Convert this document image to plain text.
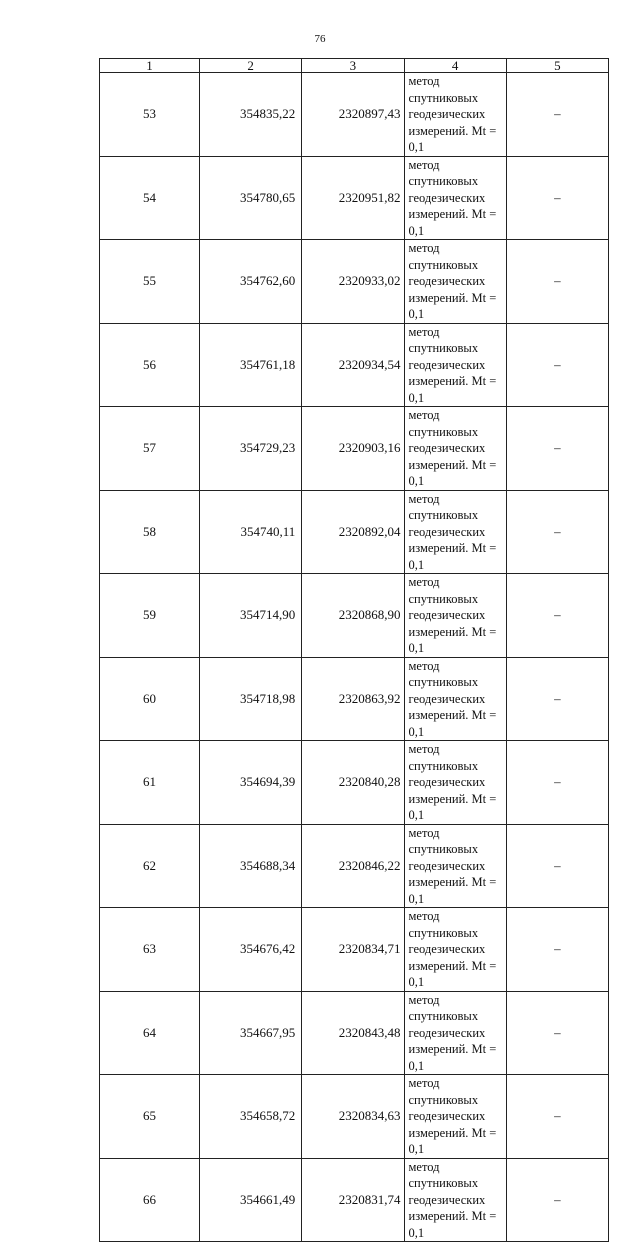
76
1	2	3	4	5
53	354835,22	2320897,43	метод спутниковых
геодезических
измерений. Mt = 0,1	–
54	354780,65	2320951,82	метод спутниковых
геодезических
измерений. Mt = 0,1	–
55	354762,60	2320933,02	метод спутниковых
геодезических
измерений. Mt = 0,1	–
56	354761,18	2320934,54	метод спутниковых
геодезических
измерений. Mt = 0,1	–
57	354729,23	2320903,16	метод спутниковых
геодезических
измерений. Mt = 0,1	–
58	354740,11	2320892,04	метод спутниковых
геодезических
измерений. Mt = 0,1	–
59	354714,90	2320868,90	метод спутниковых
геодезических
измерений. Mt = 0,1	–
60	354718,98	2320863,92	метод спутниковых
геодезических
измерений. Mt = 0,1	–
61	354694,39	2320840,28	метод спутниковых
геодезических
измерений. Mt = 0,1	–
62	354688,34	2320846,22	метод спутниковых
геодезических
измерений. Mt = 0,1	–
63	354676,42	2320834,71	метод спутниковых
геодезических
измерений. Mt = 0,1	–
64	354667,95	2320843,48	метод спутниковых
геодезических
измерений. Mt = 0,1	–
65	354658,72	2320834,63	метод спутниковых
геодезических
измерений. Mt = 0,1	–
66	354661,49	2320831,74	метод спутниковых
геодезических
измерений. Mt = 0,1	–
